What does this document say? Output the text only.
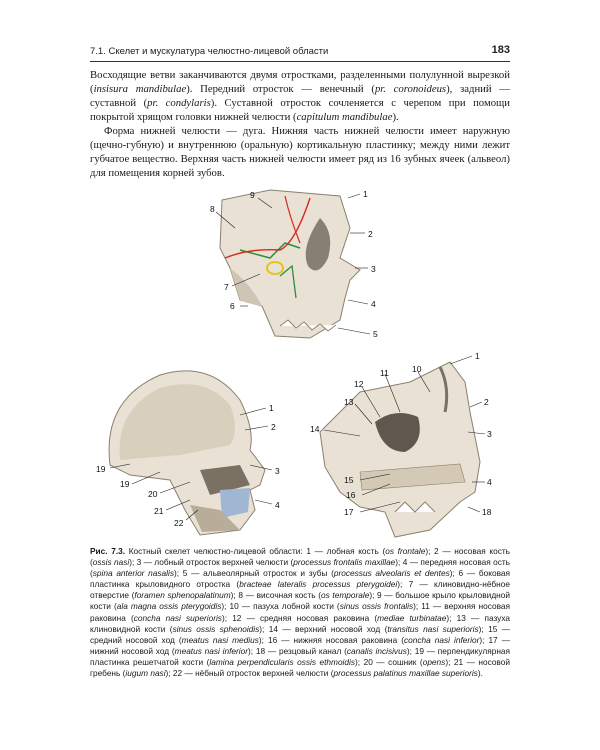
7.1. Скелет и мускулатура челюстно-лицевой области	183

Восходящие ветви заканчиваются двумя отростками, разделенными полулунной вырезкой (insisura mandibulae). Передний отросток — венечный (pr. coronoideus), задний — суставной (pr. condylaris). Суставной отросток сочленяется с черепом при помощи покрытой хрящом головки нижней челюсти (capitulum mandibulae).

Форма нижней челюсти — дуга. Нижняя часть нижней челюсти имеет наружную (щечно-губную) и внутреннюю (оральную) кортикальную пластинку; между ними лежит губчатое вещество. Верхняя часть нижней челюсти имеет ряд из 16 зубных ячеек (альвеол) для помещения корней зубов.

1
2
3
4
5
6
7
8
9
1
2
3
4
19
19
20
21
22
1
2
3
4
10
11
12
13
14
15
16
17	18
Рис. 7.3. Костный скелет челюстно-лицевой области: 1 — лобная кость (os frontale); 2 — носовая кость (ossis nasi); 3 — лобный отросток верхней челюсти (processus frontalis maxillae); 4 — передняя носовая ость (spina anterior nasalis); 5 — альвеолярный отросток и зубы (processus alveolaris et dentes); 6 — боковая пластинка крыловидного отростка (bracteae lateralis processus pterygoidei); 7 — клиновидно-нёбное отверстие (foramen sphenopalatinum); 8 — височная кость (os temporale); 9 — большое крыло крыловидной кости (ala magna ossis pterygoidis); 10 — пазуха лобной кости (sinus ossis frontalis); 11 — верхняя носовая раковина (concha nasi superioris); 12 — средняя носовая раковина (mediae turbinatae); 13 — пазуха клиновидной кости (sinus ossis sphenoidis); 14 — верхний носовой ход (transitus nasi superioris); 15 — средний носовой ход (meatus nasi medius); 16 — нижняя носовая раковина (concha nasi inferior); 17 — нижний носовой ход (meatus nasi inferior); 18 — резцовый канал (canalis incisivus); 19 — перпендикулярная пластинка решетчатой кости (lamina perpendicularis ossis ethmoidis); 20 — сошник (opens); 21 — носовой гребень (iugum nasi); 22 — нёбный отросток верхней челюсти (processus palatinus maxillae superioris).
